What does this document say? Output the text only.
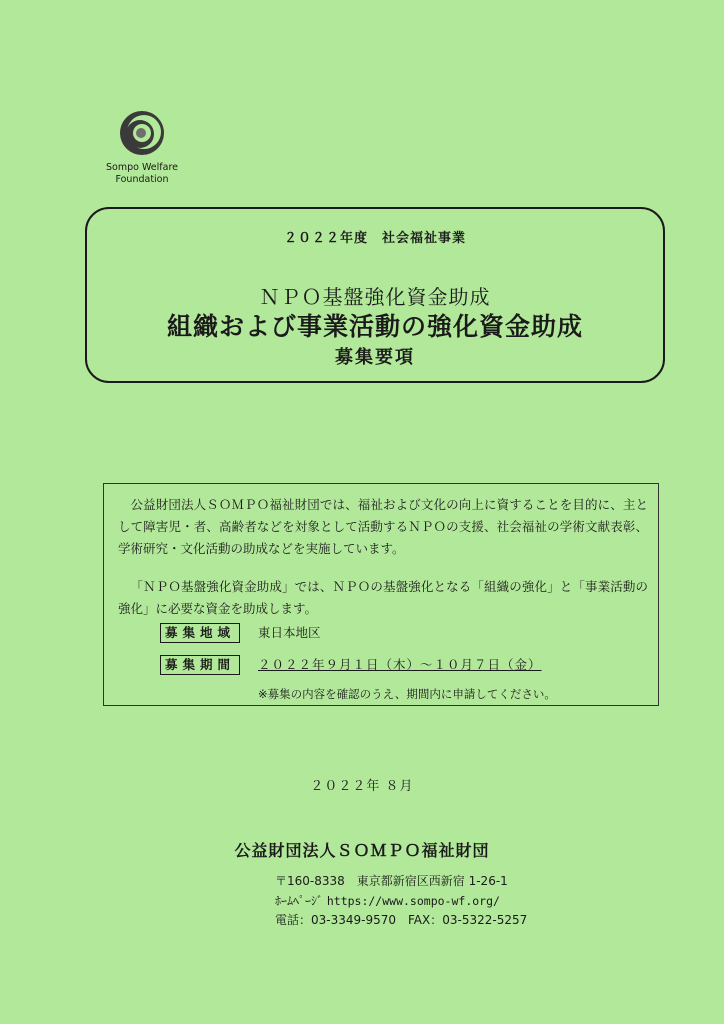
Sompo Welfare
Foundation
２０２２年度　社会福祉事業
ＮＰＯ基盤強化資金助成
組織および事業活動の強化資金助成
募集要項

公益財団法人ＳＯＭＰＯ福祉財団では、福祉および文化の向上に資することを目的に、主として障害児・者、高齢者などを対象として活動するＮＰＯの支援、社会福祉の学術文献表彰、学術研究・文化活動の助成などを実施しています。

「ＮＰＯ基盤強化資金助成」では、ＮＰＯの基盤強化となる「組織の強化」と「事業活動の強化」に必要な資金を助成します。

募集地域 東日本地区
募集期間 ２０２２年９月１日（木）～１０月７日（金）
※募集の内容を確認のうえ、期間内に申請してください。
２０２２年 ８月
公益財団法人ＳＯＭＰＯ福祉財団
〒160-8338　東京都新宿区西新宿 1-26-1
ﾎｰﾑﾍﾟｰｼﾞ https://www.sompo-wf.org/
電話：03-3349-9570　FAX：03-5322-5257
